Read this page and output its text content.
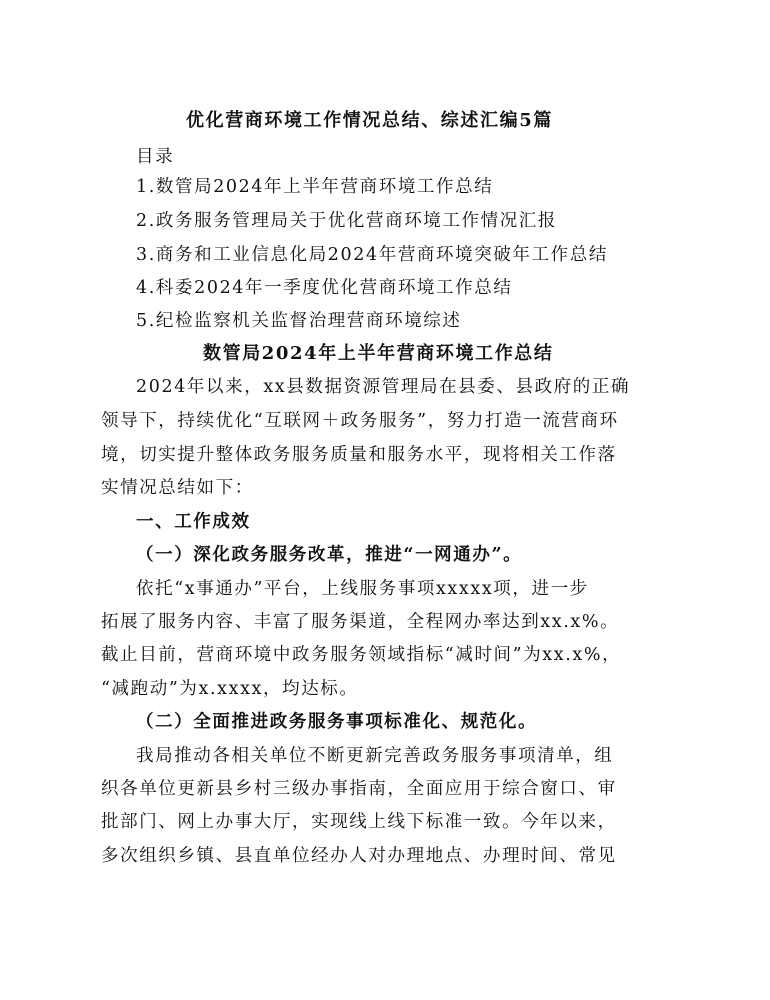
优化营商环境工作情况总结、综述汇编5篇
目录
1.数管局2024年上半年营商环境工作总结
2.政务服务管理局关于优化营商环境工作情况汇报
3.商务和工业信息化局2024年营商环境突破年工作总结
4.科委2024年一季度优化营商环境工作总结
5.纪检监察机关监督治理营商环境综述
数管局2024年上半年营商环境工作总结
2024年以来，xx县数据资源管理局在县委、县政府的正确
领导下，持续优化“互联网＋政务服务”，努力打造一流营商环
境，切实提升整体政务服务质量和服务水平，现将相关工作落
实情况总结如下：
一、工作成效
（一）深化政务服务改革，推进“一网通办”。
依托“x事通办”平台，上线服务事项xxxxx项，进一步
拓展了服务内容、丰富了服务渠道，全程网办率达到xx.x%。
截止目前，营商环境中政务服务领域指标“减时间”为xx.x%，
“减跑动”为x.xxxx，均达标。
（二）全面推进政务服务事项标准化、规范化。
我局推动各相关单位不断更新完善政务服务事项清单，组
织各单位更新县乡村三级办事指南，全面应用于综合窗口、审
批部门、网上办事大厅，实现线上线下标准一致。今年以来，
多次组织乡镇、县直单位经办人对办理地点、办理时间、常见
